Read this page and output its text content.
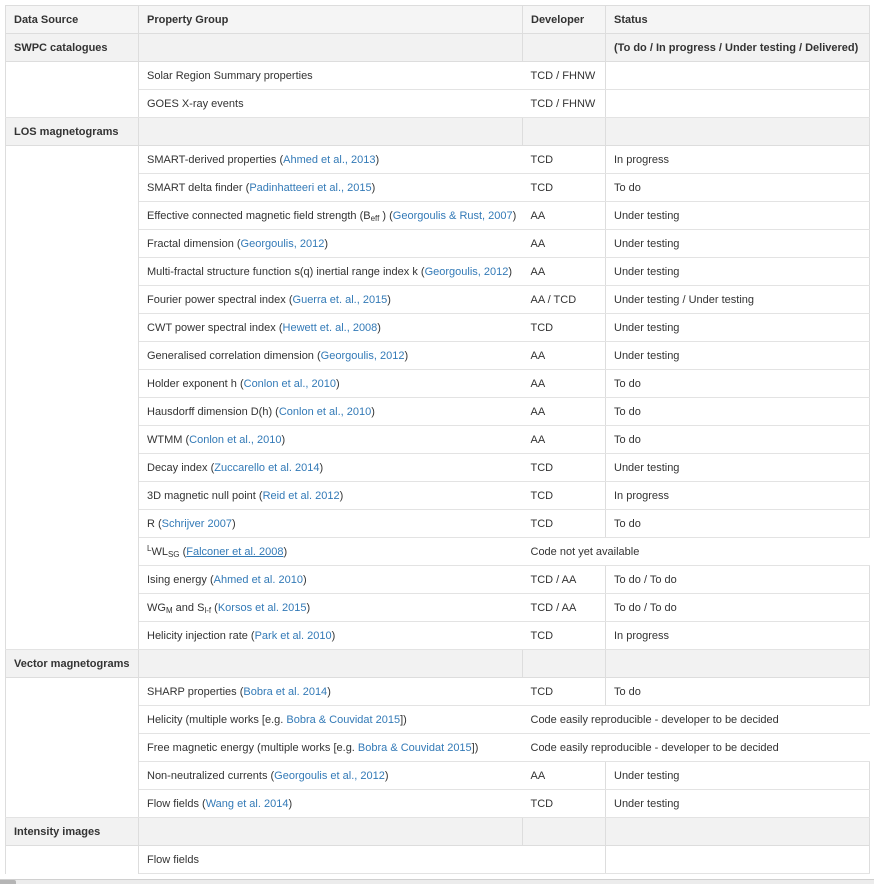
Data Source	Property Group	Developer	Status
SWPC catalogues			(To do / In progress / Under testing / Delivered)
	Solar Region Summary properties	TCD / FHNW	
	GOES X-ray events	TCD / FHNW	
LOS magnetograms			
	SMART-derived properties (Ahmed et al., 2013)	TCD	In progress
	SMART delta finder (Padinhatteeri et al., 2015)	TCD	To do
	Effective connected magnetic field strength ($B_{eff}$ ) (Georgoulis & Rust, 2007)	AA	Under testing
	Fractal dimension (Georgoulis, 2012)	AA	Under testing
	Multi-fractal structure function s(q) inertial range index k (Georgoulis, 2012)	AA	Under testing
	Fourier power spectral index (Guerra et. al., 2015)	AA / TCD	Under testing / Under testing
	CWT power spectral index (Hewett et. al., 2008)	TCD	Under testing
	Generalised correlation dimension (Georgoulis, 2012)	AA	Under testing
	Holder exponent h (Conlon et al., 2010)	AA	To do
	Hausdorff dimension D(h) (Conlon et al., 2010)	AA	To do
	WTMM (Conlon et al., 2010)	AA	To do
	Decay index (Zuccarello et al. 2014)	TCD	Under testing
	3D magnetic null point (Reid et al. 2012)	TCD	In progress
	R (Schrijver 2007)	TCD	To do
	$^LWL_{SG}$ (Falconer et al. 2008)	Code not yet available	
	Ising energy (Ahmed et al. 2010)	TCD / AA	To do / To do
	$WG_M$ and $S_{l-f}$ (Korsos et al. 2015)	TCD / AA	To do / To do
	Helicity injection rate (Park et al. 2010)	TCD	In progress
Vector magnetograms			
	SHARP properties (Bobra et al. 2014)	TCD	To do
	Helicity (multiple works [e.g. Bobra & Couvidat 2015])	Code easily reproducible - developer to be decided	
	Free magnetic energy (multiple works [e.g. Bobra & Couvidat 2015])	Code easily reproducible - developer to be decided	
	Non-neutralized currents (Georgoulis et al., 2012)	AA	Under testing
	Flow fields (Wang et al. 2014)	TCD	Under testing
Intensity images			
	Flow fields		
